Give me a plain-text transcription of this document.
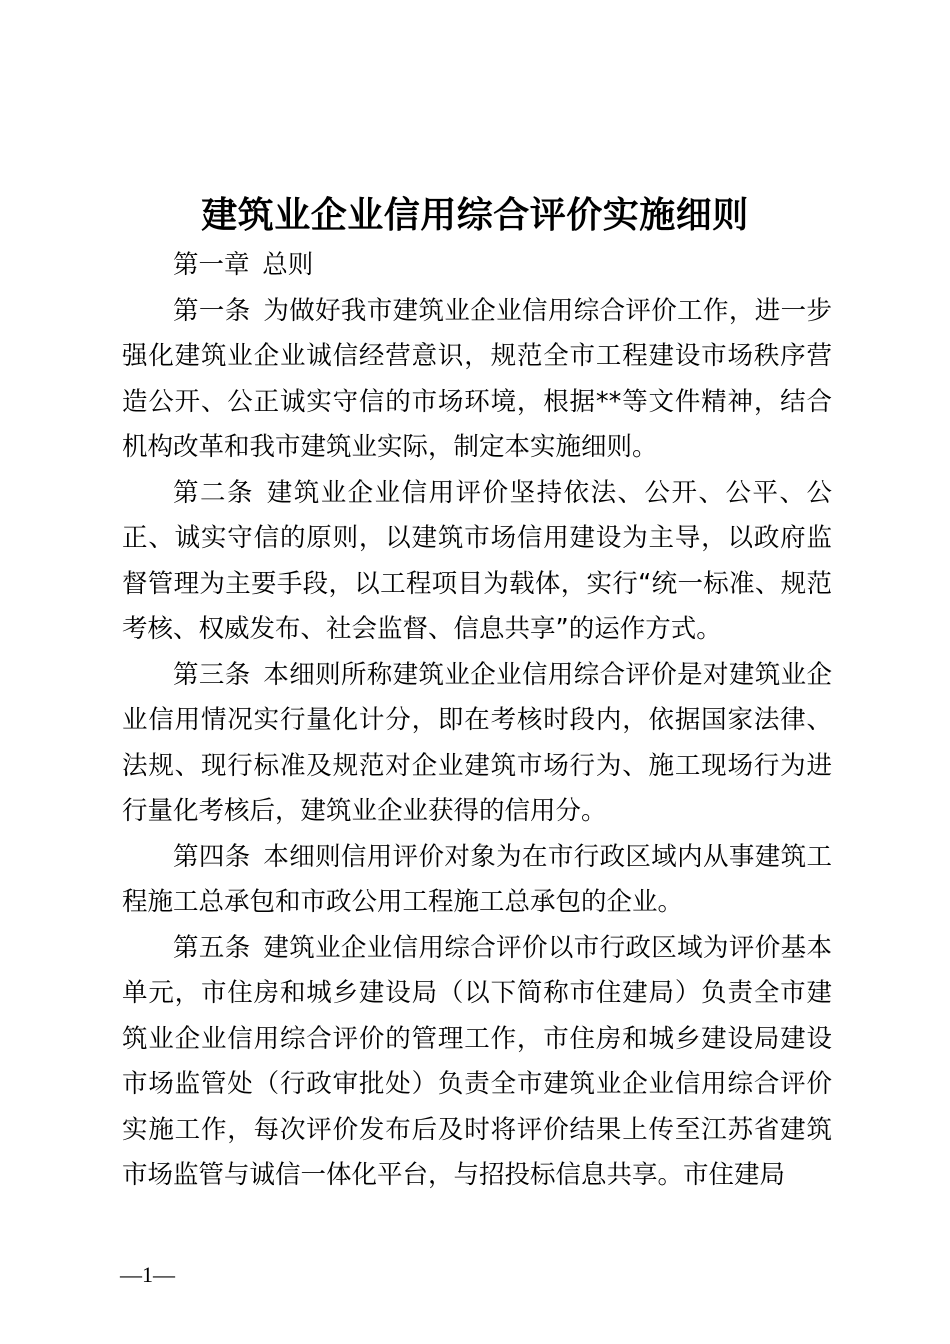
建筑业企业信用综合评价实施细则

第一章 总则

第一条 为做好我市建筑业企业信用综合评价工作，进一步强化建筑业企业诚信经营意识，规范全市工程建设市场秩序营造公开、公正诚实守信的市场环境，根据**等文件精神，结合机构改革和我市建筑业实际，制定本实施细则。

第二条 建筑业企业信用评价坚持依法、公开、公平、公正、诚实守信的原则，以建筑市场信用建设为主导，以政府监督管理为主要手段，以工程项目为载体，实行“统一标准、规范考核、权威发布、社会监督、信息共享”的运作方式。

第三条 本细则所称建筑业企业信用综合评价是对建筑业企业信用情况实行量化计分，即在考核时段内，依据国家法律、法规、现行标准及规范对企业建筑市场行为、施工现场行为进行量化考核后，建筑业企业获得的信用分。

第四条 本细则信用评价对象为在市行政区域内从事建筑工程施工总承包和市政公用工程施工总承包的企业。

第五条 建筑业企业信用综合评价以市行政区域为评价基本单元，市住房和城乡建设局（以下简称市住建局）负责全市建筑业企业信用综合评价的管理工作，市住房和城乡建设局建设市场监管处（行政审批处）负责全市建筑业企业信用综合评价实施工作，每次评价发布后及时将评价结果上传至江苏省建筑市场监管与诚信一体化平台，与招投标信息共享。市住建局

—1—
